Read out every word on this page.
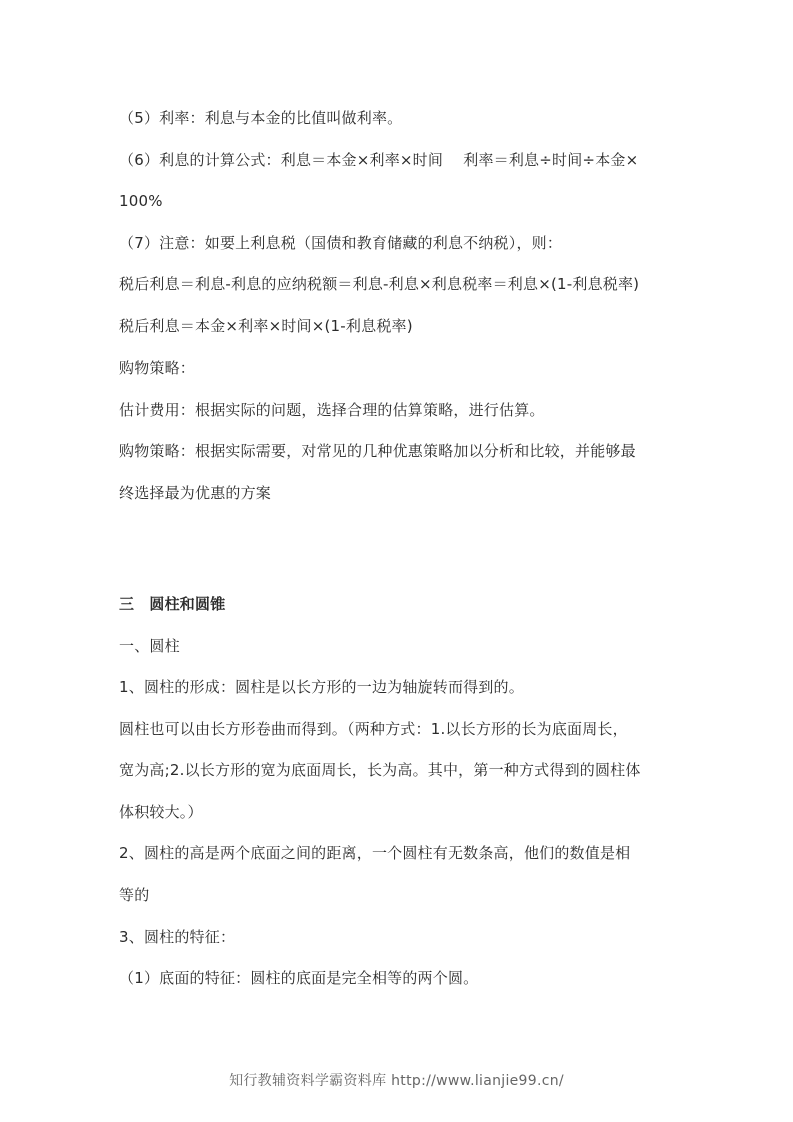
（5）利率：利息与本金的比值叫做利率。
（6）利息的计算公式：利息＝本金×利率×时间　 利率＝利息÷时间÷本金×
100%
（7）注意：如要上利息税（国债和教育储藏的利息不纳税），则：
税后利息＝利息-利息的应纳税额＝利息-利息×利息税率＝利息×(1-利息税率)
税后利息＝本金×利率×时间×(1-利息税率)
购物策略：
估计费用：根据实际的问题，选择合理的估算策略，进行估算。
购物策略：根据实际需要，对常见的几种优惠策略加以分析和比较，并能够最
终选择最为优惠的方案
三　圆柱和圆锥
一、圆柱
1、圆柱的形成：圆柱是以长方形的一边为轴旋转而得到的。
圆柱也可以由长方形卷曲而得到。（两种方式：1.以长方形的长为底面周长，
宽为高;2.以长方形的宽为底面周长，长为高。其中，第一种方式得到的圆柱体
体积较大。）
2、圆柱的高是两个底面之间的距离，一个圆柱有无数条高，他们的数值是相
等的
3、圆柱的特征：
（1）底面的特征：圆柱的底面是完全相等的两个圆。
知行教辅资料学霸资料库 http://www.lianjie99.cn/
